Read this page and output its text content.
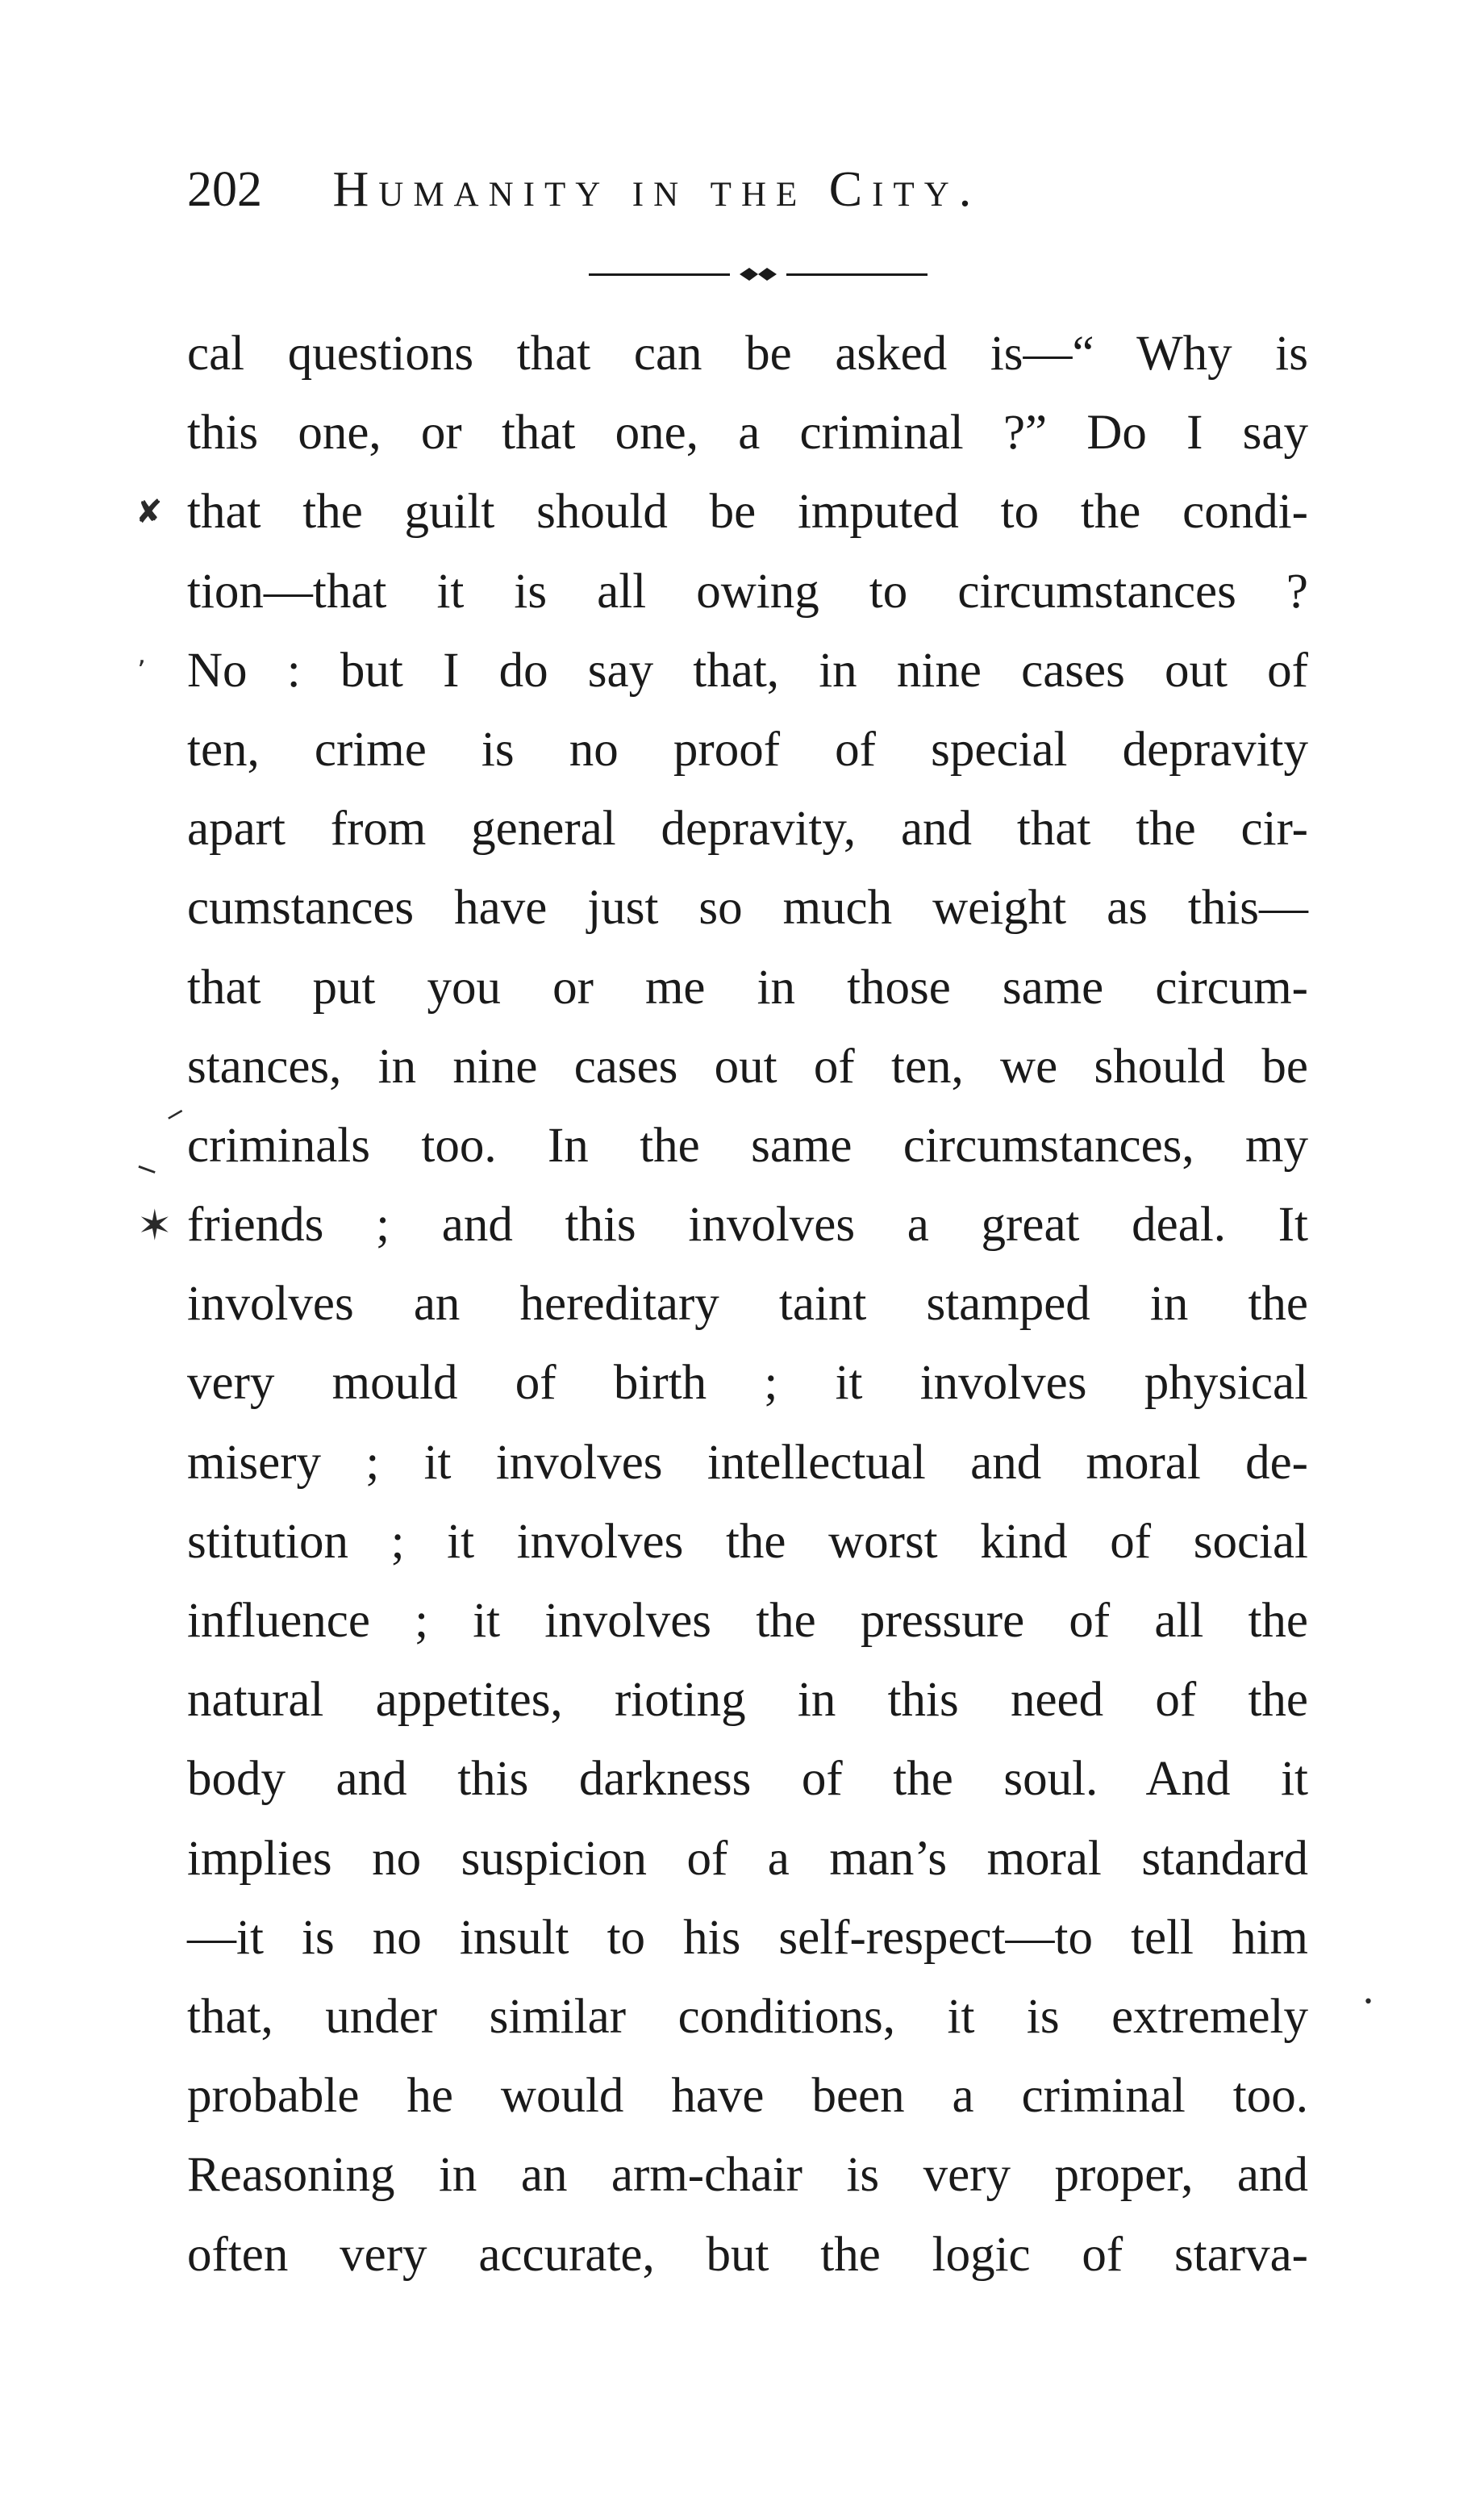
202 Humanity in the City.
cal questions that can be asked is—“ Why is
this one, or that one, a criminal ?” Do I say
that the guilt should be imputed to the condi-
tion—that it is all owing to circumstances ?
No : but I do say that, in nine cases out of
ten, crime is no proof of special depravity
apart from general depravity, and that the cir-
cumstances have just so much weight as this—
that put you or me in those same circum-
stances, in nine cases out of ten, we should be
criminals too. In the same circumstances, my
friends ; and this involves a great deal. It
involves an hereditary taint stamped in the
very mould of birth ; it involves physical
misery ; it involves intellectual and moral de-
stitution ; it involves the worst kind of social
influence ; it involves the pressure of all the
natural appetites, rioting in this need of the
body and this darkness of the soul. And it
implies no suspicion of a man’s moral standard
—it is no insult to his self-respect—to tell him
that, under similar conditions, it is extremely
probable he would have been a criminal too.
Reasoning in an arm-chair is very proper, and
often very accurate, but the logic of starva-
✘
ʼ
‒
‒
✶
•
